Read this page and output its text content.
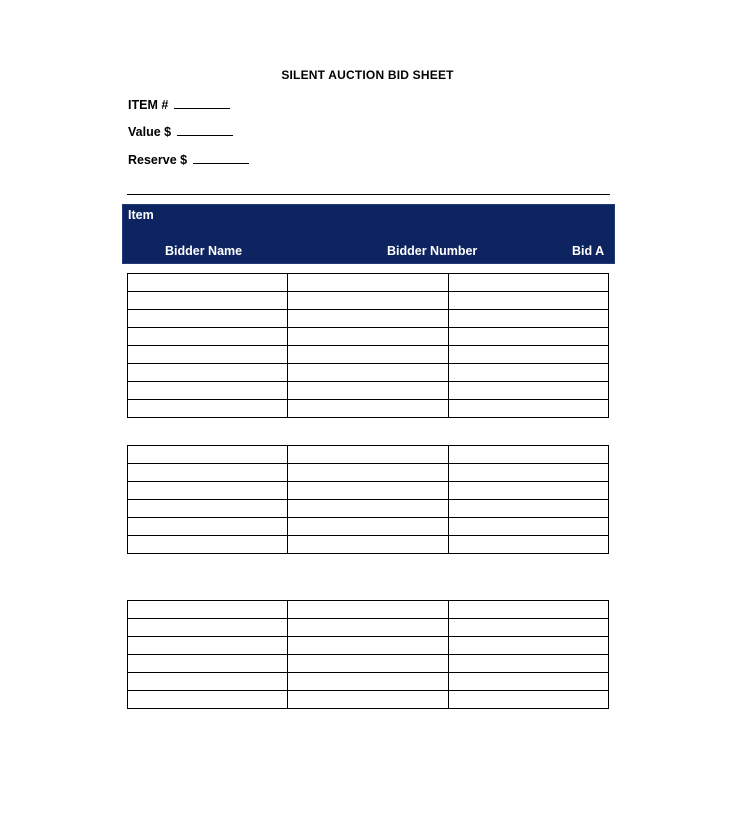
SILENT AUCTION BID SHEET
ITEM #
Value $
Reserve $
Item
Bidder Name	Bidder Number	Bid A
